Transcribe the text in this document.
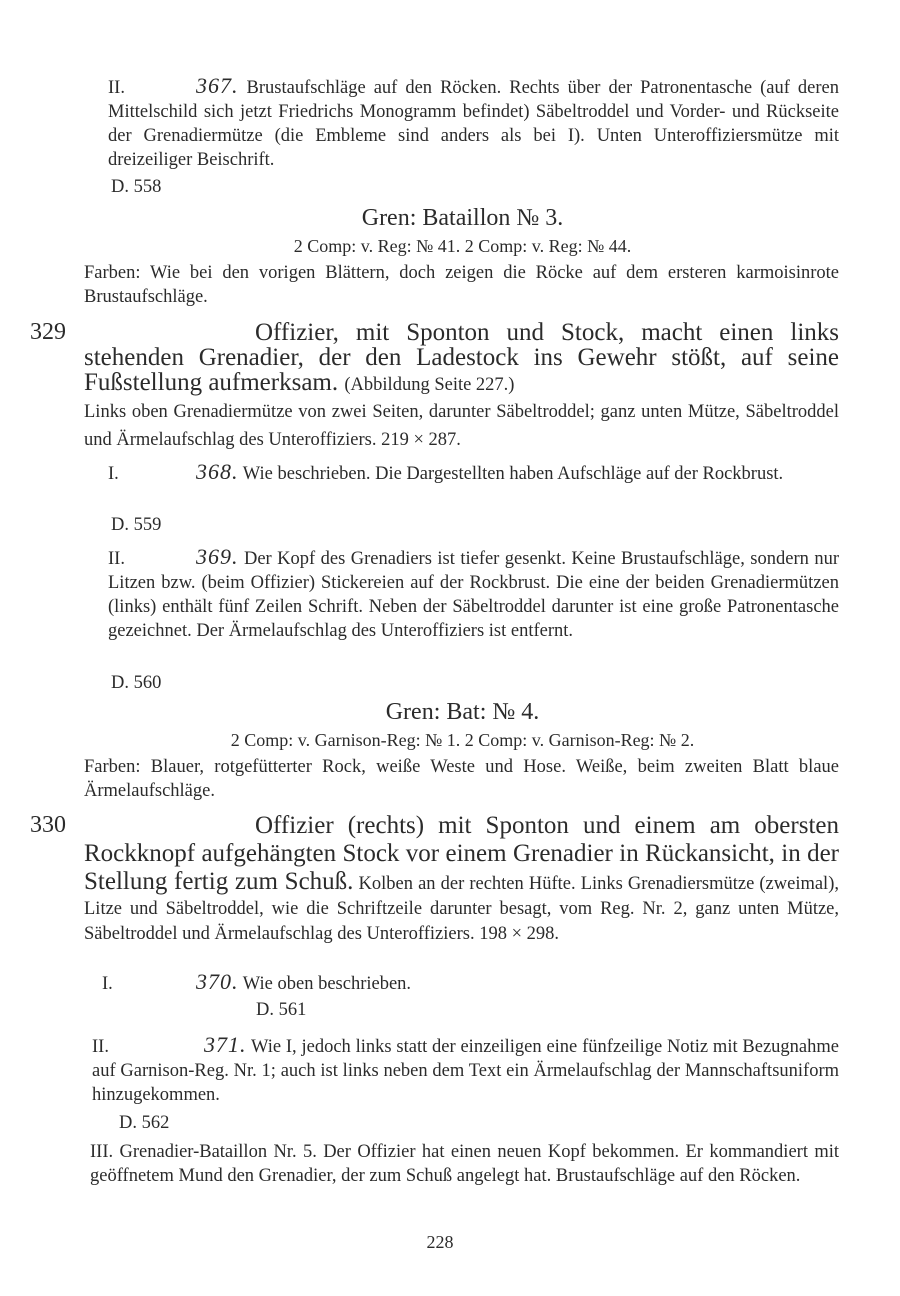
II.	367. Brustaufschläge auf den Röcken. Rechts über der Patronentasche (auf deren Mittelschild sich jetzt Friedrichs Monogramm befindet) Säbeltroddel und Vorder- und Rückseite der Grenadiermütze (die Embleme sind anders als bei I). Unten Unteroffiziersmütze mit dreizeiliger Beischrift.
D. 558
Gren: Bataillon № 3.
2 Comp: v. Reg: № 41. 2 Comp: v. Reg: № 44.
Farben: Wie bei den vorigen Blättern, doch zeigen die Röcke auf dem ersteren karmoisinrote Brustaufschläge.
329	Offizier, mit Sponton und Stock, macht einen links stehenden Grenadier, der den Ladestock ins Gewehr stößt, auf seine Fußstellung aufmerksam. (Abbildung Seite 227.)
Links oben Grenadiermütze von zwei Seiten, darunter Säbeltroddel; ganz unten Mütze, Säbeltroddel und Ärmelaufschlag des Unteroffiziers. 219 × 287.
I.	368. Wie beschrieben. Die Dargestellten haben Aufschläge auf der Rockbrust.
D. 559
II.	369. Der Kopf des Grenadiers ist tiefer gesenkt. Keine Brustaufschläge, sondern nur Litzen bzw. (beim Offizier) Stickereien auf der Rockbrust. Die eine der beiden Grenadiermützen (links) enthält fünf Zeilen Schrift. Neben der Säbeltroddel darunter ist eine große Patronentasche gezeichnet. Der Ärmelaufschlag des Unteroffiziers ist entfernt.
D. 560
Gren: Bat: № 4.
2 Comp: v. Garnison-Reg: № 1. 2 Comp: v. Garnison-Reg: № 2.
Farben: Blauer, rotgefütterter Rock, weiße Weste und Hose. Weiße, beim zweiten Blatt blaue Ärmelaufschläge.
330	Offizier (rechts) mit Sponton und einem am obersten Rockknopf aufgehängten Stock vor einem Grenadier in Rückansicht, in der Stellung fertig zum Schuß. Kolben an der rechten Hüfte. Links Grenadiersmütze (zweimal), Litze und Säbeltroddel, wie die Schriftzeile darunter besagt, vom Reg. Nr. 2, ganz unten Mütze, Säbeltroddel und Ärmelaufschlag des Unteroffiziers. 198 × 298.
I.	370. Wie oben beschrieben.
D. 561
II.	371. Wie I, jedoch links statt der einzeiligen eine fünfzeilige Notiz mit Bezugnahme auf Garnison-Reg. Nr. 1; auch ist links neben dem Text ein Ärmelaufschlag der Mannschaftsuniform hinzugekommen.
D. 562
III. Grenadier-Bataillon Nr. 5. Der Offizier hat einen neuen Kopf bekommen. Er kommandiert mit geöffnetem Mund den Grenadier, der zum Schuß angelegt hat. Brustaufschläge auf den Röcken.
228
